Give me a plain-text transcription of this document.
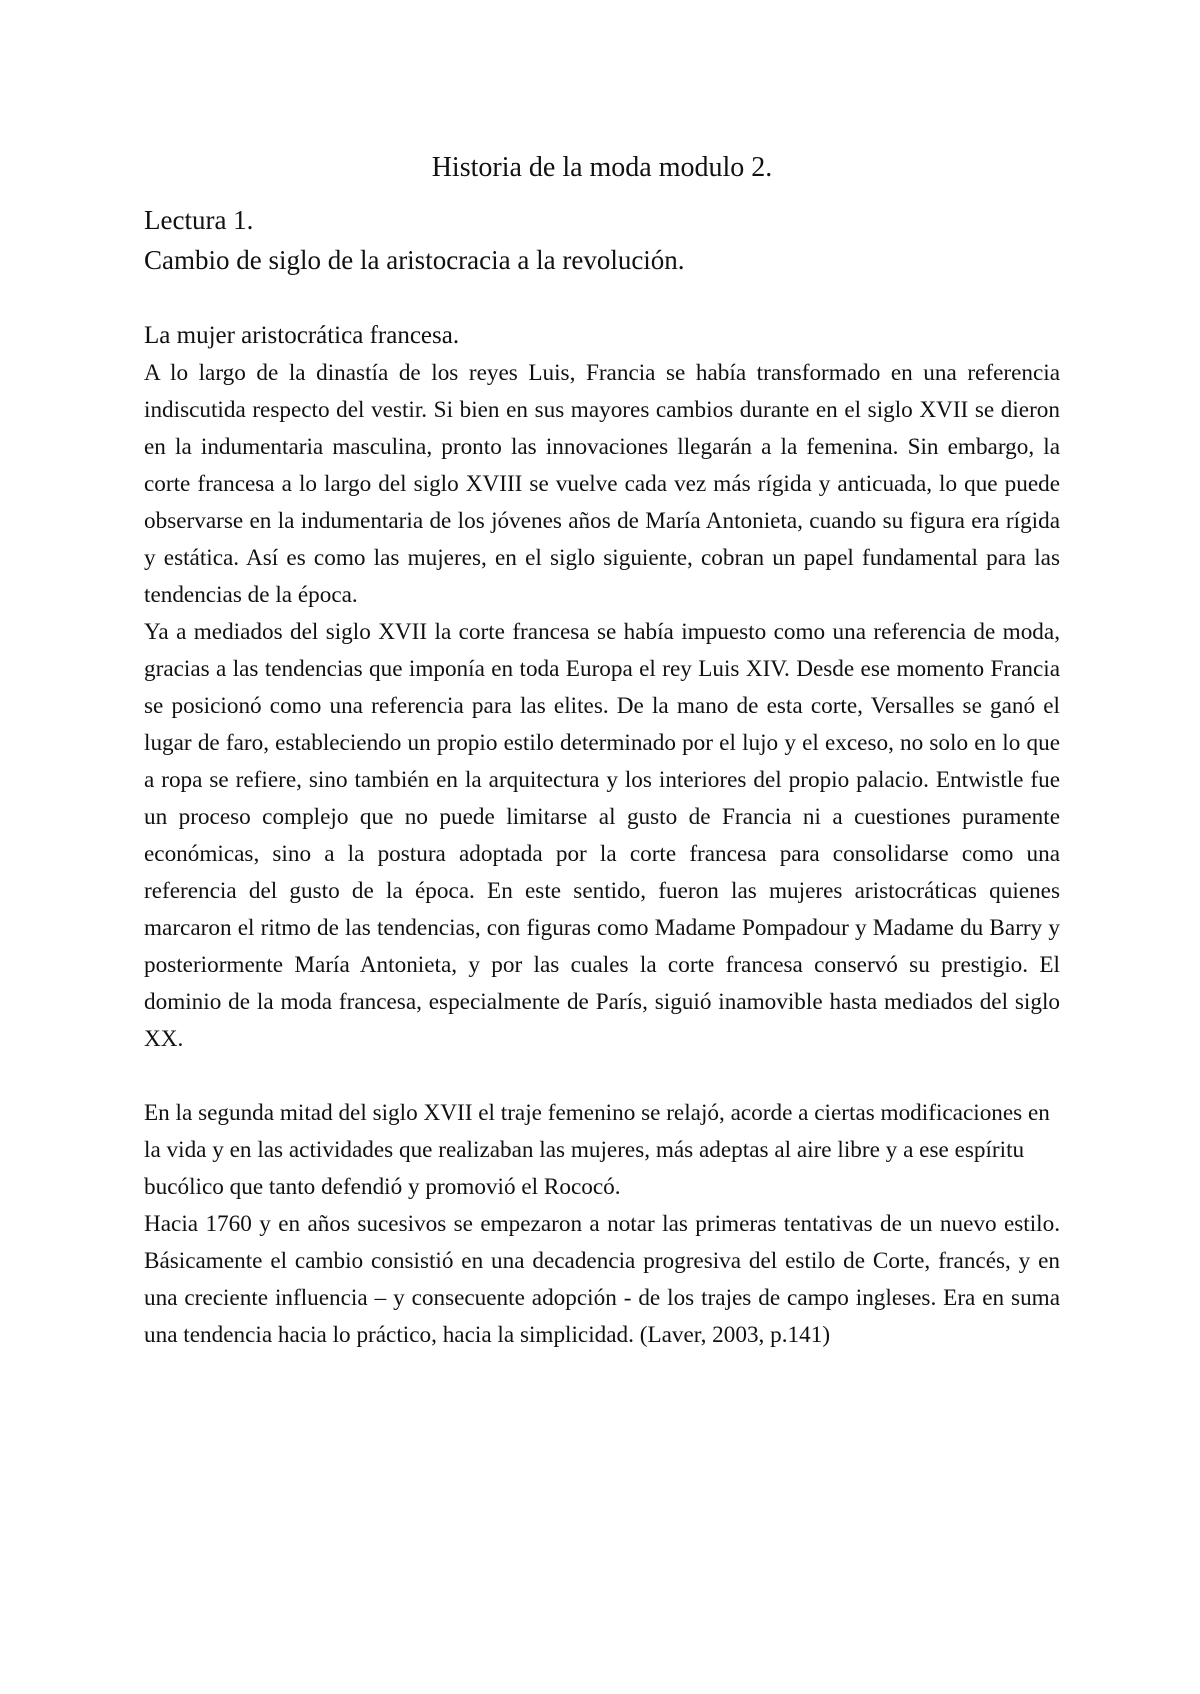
Historia de la moda modulo 2.

Lectura 1.

Cambio de siglo de la aristocracia a la revolución.

La mujer aristocrática francesa.

A lo largo de la dinastía de los reyes Luis, Francia se había transformado en una referencia indiscutida respecto del vestir. Si bien en sus mayores cambios durante en el siglo XVII se dieron en la indumentaria masculina, pronto las innovaciones llegarán a la femenina. Sin embargo, la corte francesa a lo largo del siglo XVIII se vuelve cada vez más rígida y anticuada, lo que puede observarse en la indumentaria de los jóvenes años de María Antonieta, cuando su figura era rígida y estática. Así es como las mujeres, en el siglo siguiente, cobran un papel fundamental para las tendencias de la época.

Ya a mediados del siglo XVII la corte francesa se había impuesto como una referencia de moda, gracias a las tendencias que imponía en toda Europa el rey Luis XIV. Desde ese momento Francia se posicionó como una referencia para las elites. De la mano de esta corte, Versalles se ganó el lugar de faro, estableciendo un propio estilo determinado por el lujo y el exceso, no solo en lo que a ropa se refiere, sino también en la arquitectura y los interiores del propio palacio. Entwistle fue un proceso complejo que no puede limitarse al gusto de Francia ni a cuestiones puramente económicas, sino a la postura adoptada por la corte francesa para consolidarse como una referencia del gusto de la época. En este sentido, fueron las mujeres aristocráticas quienes marcaron el ritmo de las tendencias, con figuras como Madame Pompadour y Madame du Barry y posteriormente María Antonieta, y por las cuales la corte francesa conservó su prestigio. El dominio de la moda francesa, especialmente de París, siguió inamovible hasta mediados del siglo XX.

En la segunda mitad del siglo XVII el traje femenino se relajó, acorde a ciertas modificaciones en la vida y en las actividades que realizaban las mujeres, más adeptas al aire libre y a ese espíritu bucólico que tanto defendió y promovió el Rococó.

Hacia 1760 y en años sucesivos se empezaron a notar las primeras tentativas de un nuevo estilo. Básicamente el cambio consistió en una decadencia progresiva del estilo de Corte, francés, y en una creciente influencia – y consecuente adopción - de los trajes de campo ingleses. Era en suma una tendencia hacia lo práctico, hacia la simplicidad. (Laver, 2003, p.141)
